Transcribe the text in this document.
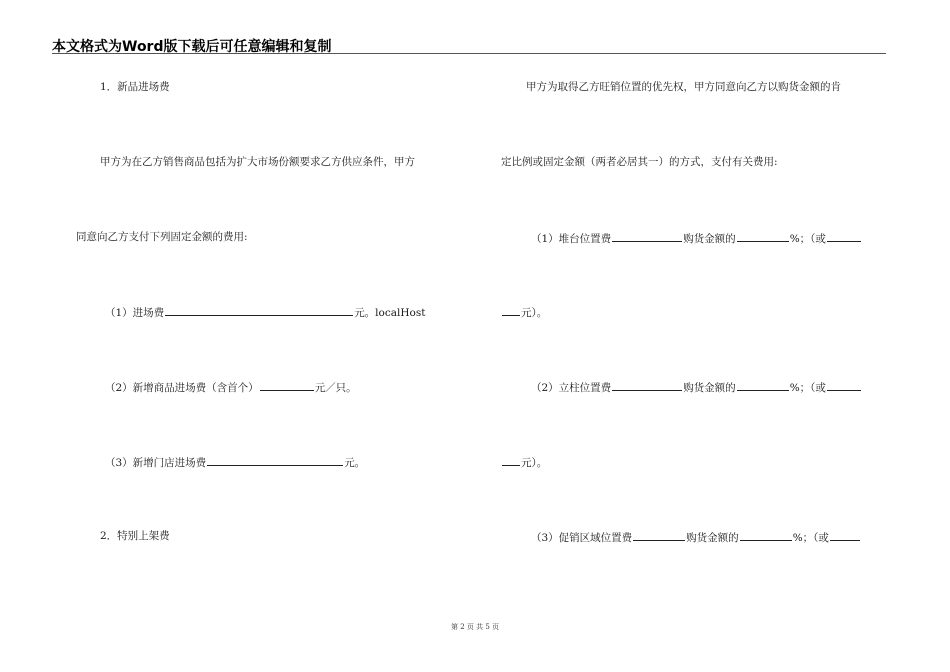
本文格式为Word版下载后可任意编辑和复制
1．新品进场费
甲方为在乙方销售商品包括为扩大市场份额要求乙方供应条件，甲方
同意向乙方支付下列固定金额的费用:
（1）进场费	元。localHost
（2）新增商品进场费（含首个）	元／只。
（3）新增门店进场费	元。
2．特别上架费
甲方为取得乙方旺销位置的优先权，甲方同意向乙方以购货金额的肯
定比例或固定金额（两者必居其一）的方式，支付有关费用:
（1）堆台位置费	购货金额的	%；（或
元）。
（2）立柱位置费	购货金额的	%；（或
元）。
（3）促销区域位置费	购货金额的	%；（或
第 2 页 共 5 页
